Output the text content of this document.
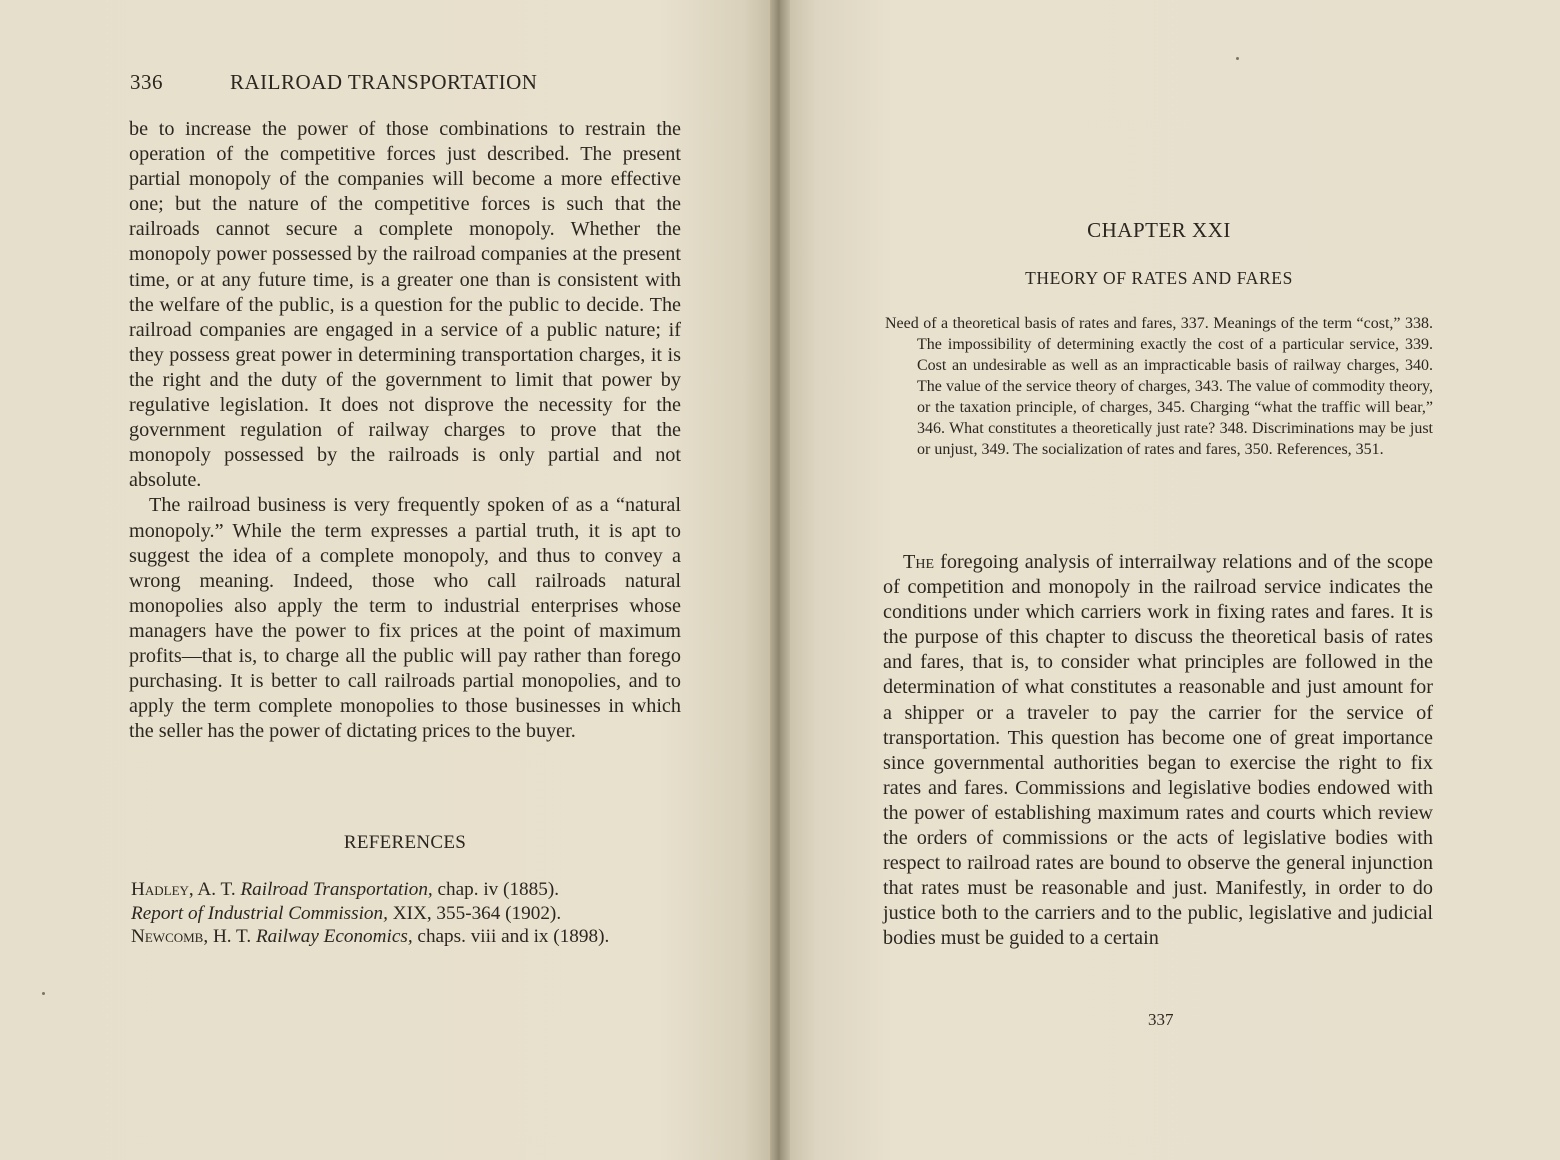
336	RAILROAD TRANSPORTATION

be to increase the power of those combinations to restrain the operation of the competitive forces just described. The present partial monopoly of the companies will become a more effective one; but the nature of the competitive forces is such that the railroads cannot secure a complete monopoly. Whether the monopoly power possessed by the railroad companies at the present time, or at any future time, is a greater one than is consistent with the welfare of the public, is a question for the public to decide. The railroad companies are engaged in a service of a public nature; if they possess great power in determining transportation charges, it is the right and the duty of the government to limit that power by regulative legislation. It does not disprove the necessity for the government regulation of railway charges to prove that the monopoly possessed by the railroads is only partial and not absolute.

The railroad business is very frequently spoken of as a “natural monopoly.” While the term expresses a partial truth, it is apt to suggest the idea of a complete monopoly, and thus to convey a wrong meaning. Indeed, those who call railroads natural monopolies also apply the term to industrial enterprises whose managers have the power to fix prices at the point of maximum profits—that is, to charge all the public will pay rather than forego purchasing. It is better to call railroads partial monopolies, and to apply the term complete monopolies to those businesses in which the seller has the power of dictating prices to the buyer.

REFERENCES
Hadley, A. T. Railroad Transportation, chap. iv (1885).
Report of Industrial Commission, XIX, 355-364 (1902).
Newcomb, H. T. Railway Economics, chaps. viii and ix (1898).
CHAPTER XXI
THEORY OF RATES AND FARES
Need of a theoretical basis of rates and fares, 337. Meanings of the term “cost,” 338. The impossibility of determining exactly the cost of a particular service, 339. Cost an undesirable as well as an impracticable basis of railway charges, 340. The value of the service theory of charges, 343. The value of commodity theory, or the taxation principle, of charges, 345. Charging “what the traffic will bear,” 346. What constitutes a theoretically just rate? 348. Discriminations may be just or unjust, 349. The socialization of rates and fares, 350. References, 351.

The foregoing analysis of interrailway relations and of the scope of competition and monopoly in the railroad service indicates the conditions under which carriers work in fixing rates and fares. It is the purpose of this chapter to discuss the theoretical basis of rates and fares, that is, to consider what principles are followed in the determination of what constitutes a reasonable and just amount for a shipper or a traveler to pay the carrier for the service of transportation. This question has become one of great importance since governmental authorities began to exercise the right to fix rates and fares. Commissions and legislative bodies endowed with the power of establishing maximum rates and courts which review the orders of commissions or the acts of legislative bodies with respect to railroad rates are bound to observe the general injunction that rates must be reasonable and just. Manifestly, in order to do justice both to the carriers and to the public, legislative and judicial bodies must be guided to a certain

337
